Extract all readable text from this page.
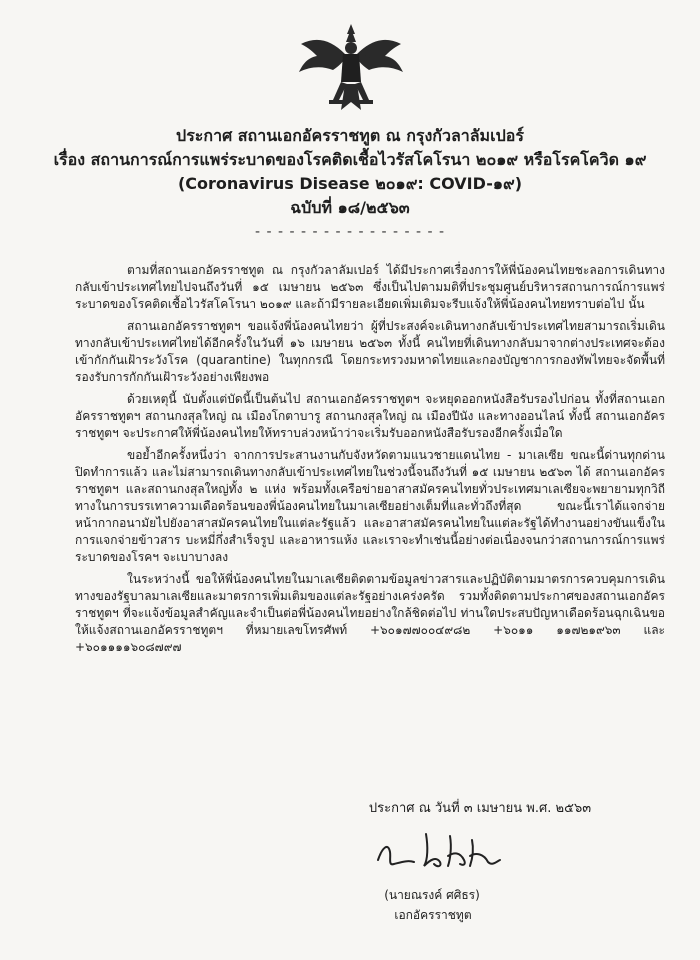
ประกาศ สถานเอกอัครราชทูต ณ กรุงกัวลาลัมเปอร์
เรื่อง สถานการณ์การแพร่ระบาดของโรคติดเชื้อไวรัสโคโรนา ๒๐๑๙ หรือโรคโควิด ๑๙
(Coronavirus Disease ๒๐๑๙: COVID-๑๙)
ฉบับที่ ๑๘/๒๕๖๓
- - - - - - - - - - - - - - - - -

ตามที่สถานเอกอัครราชทูต ณ กรุงกัวลาลัมเปอร์ ได้มีประกาศเรื่องการให้พี่น้องคนไทยชะลอการเดินทางกลับเข้าประเทศไทยไปจนถึงวันที่ ๑๕ เมษายน ๒๕๖๓ ซึ่งเป็นไปตามมติที่ประชุมศูนย์บริหารสถานการณ์การแพร่ระบาดของโรคติดเชื้อไวรัสโคโรนา ๒๐๑๙ และถ้ามีรายละเอียดเพิ่มเติมจะรีบแจ้งให้พี่น้องคนไทยทราบต่อไป นั้น

สถานเอกอัครราชทูตฯ ขอแจ้งพี่น้องคนไทยว่า ผู้ที่ประสงค์จะเดินทางกลับเข้าประเทศไทยสามารถเริ่มเดินทางกลับเข้าประเทศไทยได้อีกครั้งในวันที่ ๑๖ เมษายน ๒๕๖๓ ทั้งนี้ คนไทยที่เดินทางกลับมาจากต่างประเทศจะต้องเข้ากักกันเฝ้าระวังโรค (quarantine) ในทุกกรณี โดยกระทรวงมหาดไทยและกองบัญชาการกองทัพไทยจะจัดพื้นที่รองรับการกักกันเฝ้าระวังอย่างเพียงพอ

ด้วยเหตุนี้ นับตั้งแต่บัดนี้เป็นต้นไป สถานเอกอัครราชทูตฯ จะหยุดออกหนังสือรับรองไปก่อน ทั้งที่สถานเอกอัครราชทูตฯ สถานกงสุลใหญ่ ณ เมืองโกตาบารู สถานกงสุลใหญ่ ณ เมืองปีนัง และทางออนไลน์ ทั้งนี้ สถานเอกอัครราชทูตฯ จะประกาศให้พี่น้องคนไทยให้ทราบล่วงหน้าว่าจะเริ่มรับออกหนังสือรับรองอีกครั้งเมื่อใด

ขอย้ำอีกครั้งหนึ่งว่า จากการประสานงานกับจังหวัดตามแนวชายแดนไทย - มาเลเซีย ขณะนี้ด่านทุกด่านปิดทำการแล้ว และไม่สามารถเดินทางกลับเข้าประเทศไทยในช่วงนี้จนถึงวันที่ ๑๕ เมษายน ๒๕๖๓ ได้ สถานเอกอัครราชทูตฯ และสถานกงสุลใหญ่ทั้ง ๒ แห่ง พร้อมทั้งเครือข่ายอาสาสมัครคนไทยทั่วประเทศมาเลเซียจะพยายามทุกวิถีทางในการบรรเทาความเดือดร้อนของพี่น้องคนไทยในมาเลเซียอย่างเต็มที่และทั่วถึงที่สุด ขณะนี้เราได้แจกจ่ายหน้ากากอนามัยไปยังอาสาสมัครคนไทยในแต่ละรัฐแล้ว และอาสาสมัครคนไทยในแต่ละรัฐได้ทำงานอย่างขันแข็งในการแจกจ่ายข้าวสาร บะหมี่กึ่งสำเร็จรูป และอาหารแห้ง และเราจะทำเช่นนี้อย่างต่อเนื่องจนกว่าสถานการณ์การแพร่ระบาดของโรคฯ จะเบาบางลง

ในระหว่างนี้ ขอให้พี่น้องคนไทยในมาเลเซียติดตามข้อมูลข่าวสารและปฏิบัติตามมาตรการควบคุมการเดินทางของรัฐบาลมาเลเซียและมาตรการเพิ่มเติมของแต่ละรัฐอย่างเคร่งครัด รวมทั้งติดตามประกาศของสถานเอกอัครราชทูตฯ ที่จะแจ้งข้อมูลสำคัญและจำเป็นต่อพี่น้องคนไทยอย่างใกล้ชิดต่อไป ท่านใดประสบปัญหาเดือดร้อนฉุกเฉินขอให้แจ้งสถานเอกอัครราชทูตฯ ที่หมายเลขโทรศัพท์ +๖๐๑๗๗๐๐๔๙๘๒ +๖๐๑๑ ๑๑๗๒๑๙๖๓ และ +๖๐๑๑๑๑๖๐๘๗๙๗

ประกาศ ณ วันที่ ๓ เมษายน พ.ศ. ๒๕๖๓
(นายณรงค์ ศศิธร)
เอกอัครราชทูต
